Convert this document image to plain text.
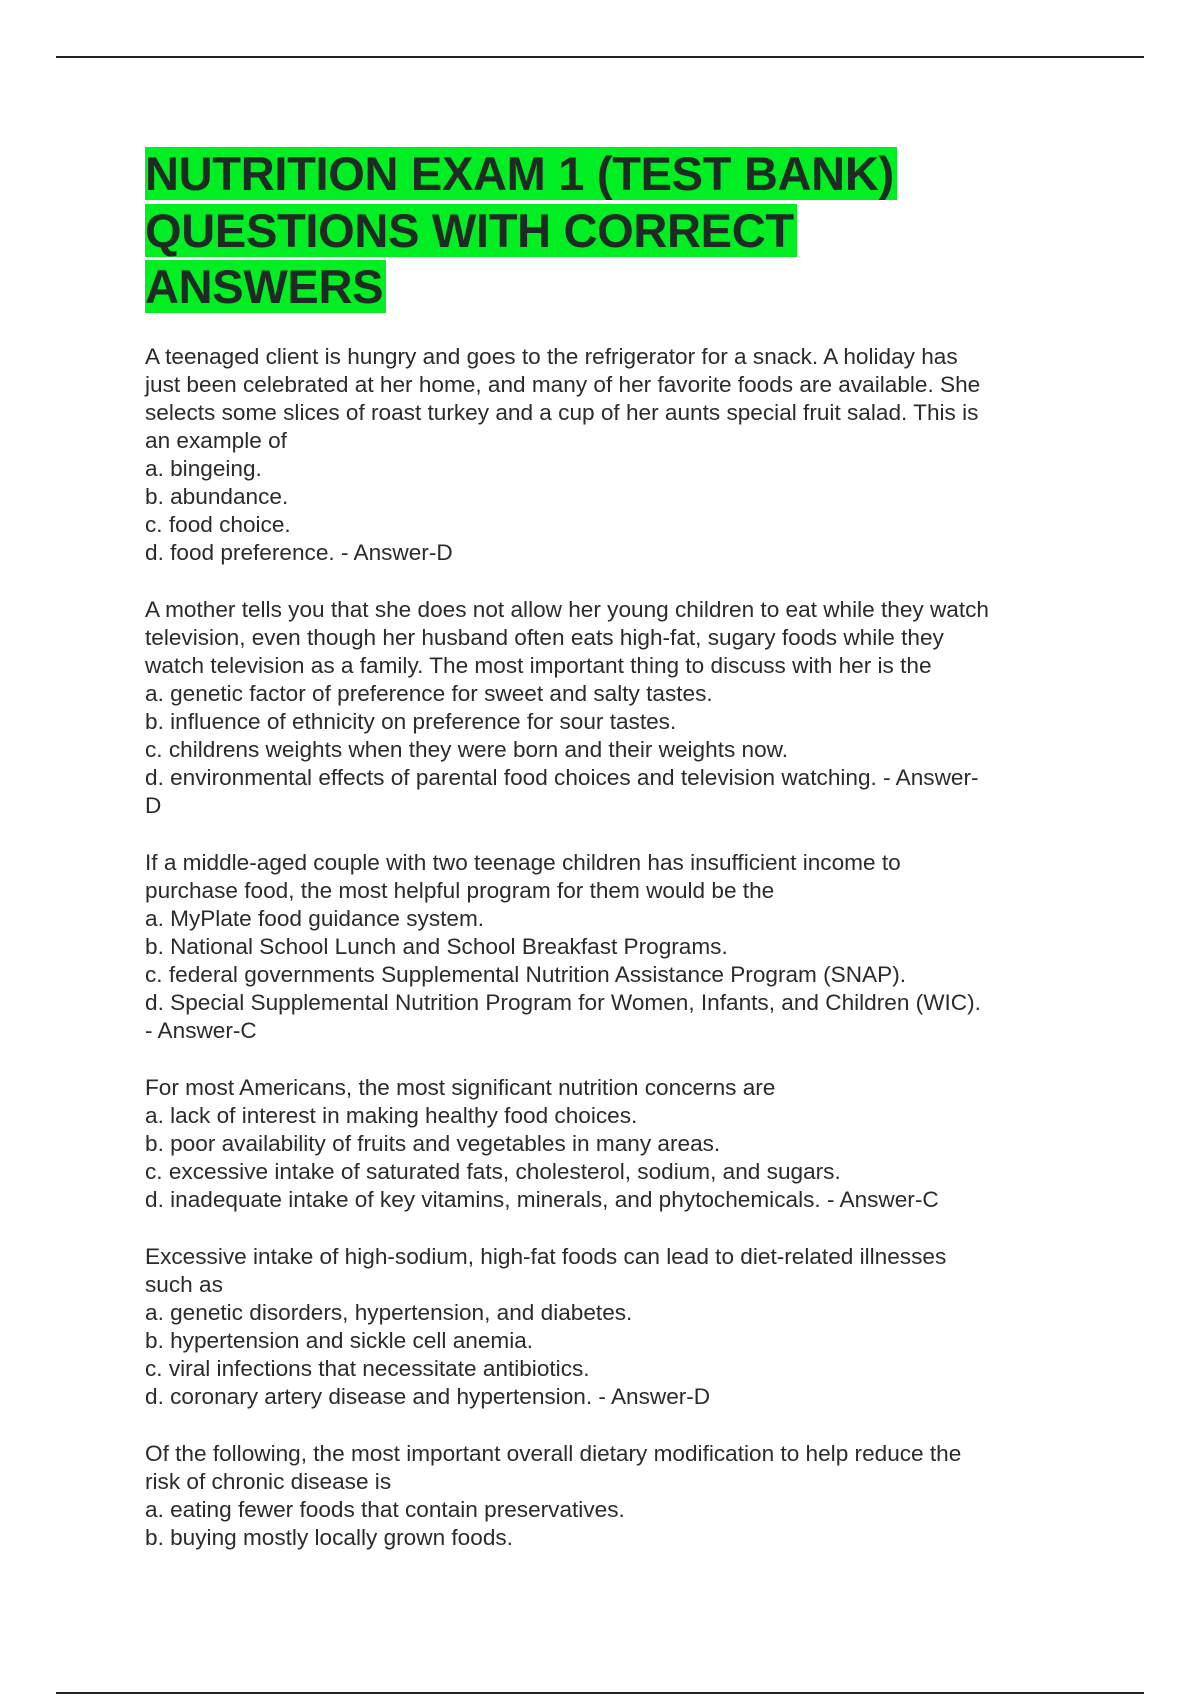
NUTRITION EXAM 1 (TEST BANK)
QUESTIONS WITH CORRECT
ANSWERS
A teenaged client is hungry and goes to the refrigerator for a snack. A holiday has
just been celebrated at her home, and many of her favorite foods are available. She
selects some slices of roast turkey and a cup of her aunts special fruit salad. This is
an example of
a. bingeing.
b. abundance.
c. food choice.
d. food preference. - Answer-D
A mother tells you that she does not allow her young children to eat while they watch
television, even though her husband often eats high-fat, sugary foods while they
watch television as a family. The most important thing to discuss with her is the
a. genetic factor of preference for sweet and salty tastes.
b. influence of ethnicity on preference for sour tastes.
c. childrens weights when they were born and their weights now.
d. environmental effects of parental food choices and television watching. - Answer-
D
If a middle-aged couple with two teenage children has insufficient income to
purchase food, the most helpful program for them would be the
a. MyPlate food guidance system.
b. National School Lunch and School Breakfast Programs.
c. federal governments Supplemental Nutrition Assistance Program (SNAP).
d. Special Supplemental Nutrition Program for Women, Infants, and Children (WIC).
- Answer-C
For most Americans, the most significant nutrition concerns are
a. lack of interest in making healthy food choices.
b. poor availability of fruits and vegetables in many areas.
c. excessive intake of saturated fats, cholesterol, sodium, and sugars.
d. inadequate intake of key vitamins, minerals, and phytochemicals. - Answer-C
Excessive intake of high-sodium, high-fat foods can lead to diet-related illnesses
such as
a. genetic disorders, hypertension, and diabetes.
b. hypertension and sickle cell anemia.
c. viral infections that necessitate antibiotics.
d. coronary artery disease and hypertension. - Answer-D
Of the following, the most important overall dietary modification to help reduce the
risk of chronic disease is
a. eating fewer foods that contain preservatives.
b. buying mostly locally grown foods.
